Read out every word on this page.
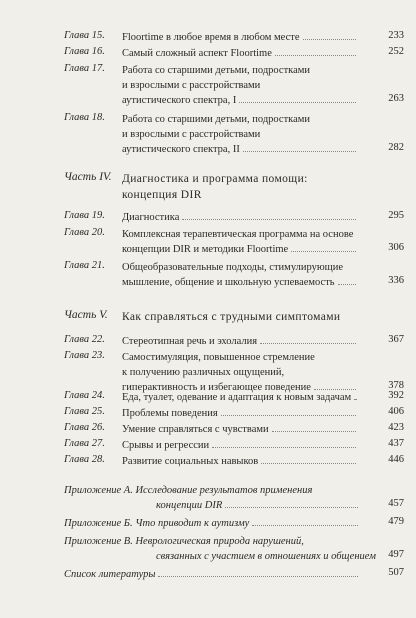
Глава 15. Floortime в любое время в любом месте	233
Глава 16. Самый сложный аспект Floortime	252
Глава 17. Работа со старшими детьми, подростками
и взрослыми с расстройствами
аутистического спектра, I	263
Глава 18. Работа со старшими детьми, подростками
и взрослыми с расстройствами
аутистического спектра, II	282
Часть IV. Диагностика и программа помощи:
концепция DIR
Глава 19. Диагностика	295
Глава 20. Комплексная терапевтическая программа на основе
концепции DIR и методики Floortime	306
Глава 21. Общеобразовательные подходы, стимулирующие
мышление, общение и школьную успеваемость	336
Часть V. Как справляться с трудными симптомами
Глава 22. Стереотипная речь и эхолалия	367
Глава 23. Самостимуляция, повышенное стремление
к получению различных ощущений,
гиперактивность и избегающее поведение	378
Глава 24. Еда, туалет, одевание и адаптация к новым задачам	392
Глава 25. Проблемы поведения	406
Глава 26. Умение справляться с чувствами	423
Глава 27. Срывы и регрессии	437
Глава 28. Развитие социальных навыков	446
Приложение А. Исследование результатов применения
концепции DIR	457
Приложение Б. Что приводит к аутизму	479
Приложение В. Неврологическая природа нарушений,
связанных с участием в отношениях и общением	497
Список литературы	507
